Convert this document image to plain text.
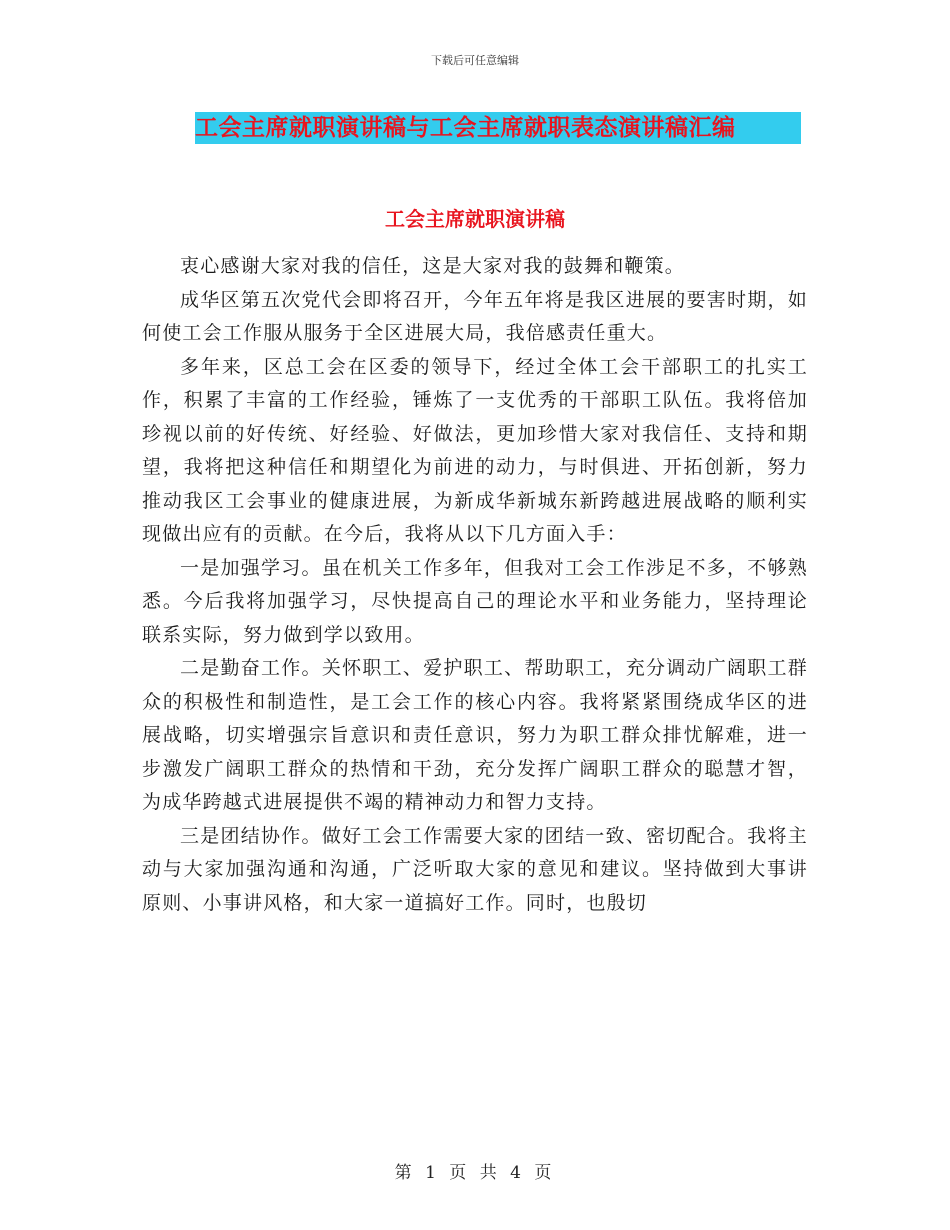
下载后可任意编辑
工会主席就职演讲稿与工会主席就职表态演讲稿汇编
工会主席就职演讲稿

衷心感谢大家对我的信任，这是大家对我的鼓舞和鞭策。

成华区第五次党代会即将召开，今年五年将是我区进展的要害时期，如何使工会工作服从服务于全区进展大局，我倍感责任重大。

多年来，区总工会在区委的领导下，经过全体工会干部职工的扎实工作，积累了丰富的工作经验，锤炼了一支优秀的干部职工队伍。我将倍加珍视以前的好传统、好经验、好做法，更加珍惜大家对我信任、支持和期望，我将把这种信任和期望化为前进的动力，与时俱进、开拓创新，努力推动我区工会事业的健康进展，为新成华新城东新跨越进展战略的顺利实现做出应有的贡献。在今后，我将从以下几方面入手：

一是加强学习。虽在机关工作多年，但我对工会工作涉足不多，不够熟悉。今后我将加强学习，尽快提高自己的理论水平和业务能力，坚持理论联系实际，努力做到学以致用。

二是勤奋工作。关怀职工、爱护职工、帮助职工，充分调动广阔职工群众的积极性和制造性，是工会工作的核心内容。我将紧紧围绕成华区的进展战略，切实增强宗旨意识和责任意识，努力为职工群众排忧解难，进一步激发广阔职工群众的热情和干劲，充分发挥广阔职工群众的聪慧才智，为成华跨越式进展提供不竭的精神动力和智力支持。

三是团结协作。做好工会工作需要大家的团结一致、密切配合。我将主动与大家加强沟通和沟通，广泛听取大家的意见和建议。坚持做到大事讲原则、小事讲风格，和大家一道搞好工作。同时，也殷切

第 1 页 共 4 页
